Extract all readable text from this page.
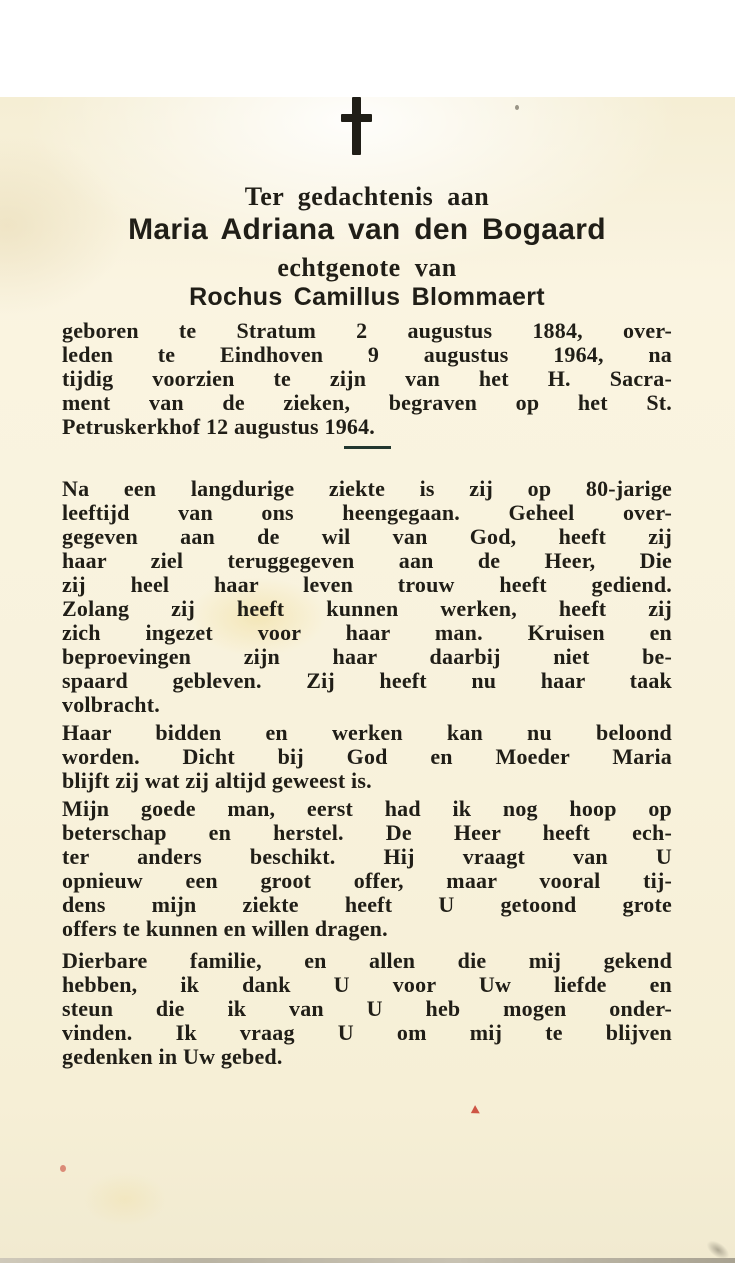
Ter gedachtenis aan
Maria Adriana van den Bogaard
echtgenote van
Rochus Camillus Blommaert
geboren te Stratum 2 augustus 1884, over-
leden te Eindhoven 9 augustus 1964, na
tijdig voorzien te zijn van het H. Sacra-
ment van de zieken, begraven op het St.
Petruskerkhof 12 augustus 1964.
Na een langdurige ziekte is zij op 80-jarige
leeftijd van ons heengegaan. Geheel over-
gegeven aan de wil van God, heeft zij
haar ziel teruggegeven aan de Heer, Die
zij heel haar leven trouw heeft gediend.
Zolang zij heeft kunnen werken, heeft zij
zich ingezet voor haar man. Kruisen en
beproevingen zijn haar daarbij niet be-
spaard gebleven. Zij heeft nu haar taak
volbracht.
Haar bidden en werken kan nu beloond
worden. Dicht bij God en Moeder Maria
blijft zij wat zij altijd geweest is.
Mijn goede man, eerst had ik nog hoop op
beterschap en herstel. De Heer heeft ech-
ter anders beschikt. Hij vraagt van U
opnieuw een groot offer, maar vooral tij-
dens mijn ziekte heeft U getoond grote
offers te kunnen en willen dragen.
Dierbare familie, en allen die mij gekend
hebben, ik dank U voor Uw liefde en
steun die ik van U heb mogen onder-
vinden. Ik vraag U om mij te blijven
gedenken in Uw gebed.
